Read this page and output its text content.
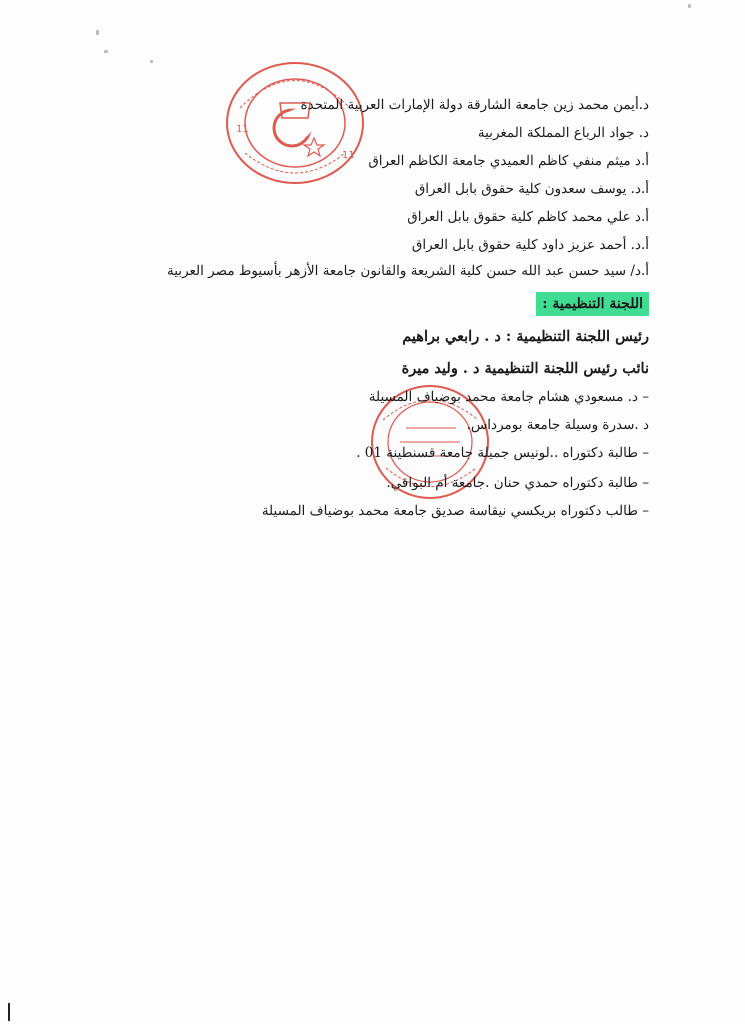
11
11
د.أيمن محمد زين جامعة الشارقة دولة الإمارات العربية المتحدة
د. جواد الرباع المملكة المغربية
أ.د ميثم منفي كاظم العميدي جامعة الكاظم العراق
أ.د. يوسف سعدون كلية حقوق بابل العراق
أ.د علي محمد كاظم كلية حقوق بابل العراق
أ.د. أحمد عزيز داود كلية حقوق بابل العراق
أ.د/ سيد حسن عبد الله حسن كلية الشريعة والقانون جامعة الأزهر بأسيوط مصر العربية
اللجنة التنظيمية :
رئيس اللجنة التنظيمية : د . رابعي براهيم
نائب رئيس اللجنة التنظيمية د . وليد ميرة
– د. مسعودي هشام جامعة محمد بوضياف المسيلة
د .سدرة وسيلة جامعة بومرداس.
– طالبة دكتوراه ..لونيس جميلة جامعة قسنطينة 01 .
– طالبة دكتوراه حمدي حنان .جامعة أم البواقي.
– طالب دكتوراه بريكسي نيقاسة صديق جامعة محمد بوضياف المسيلة
